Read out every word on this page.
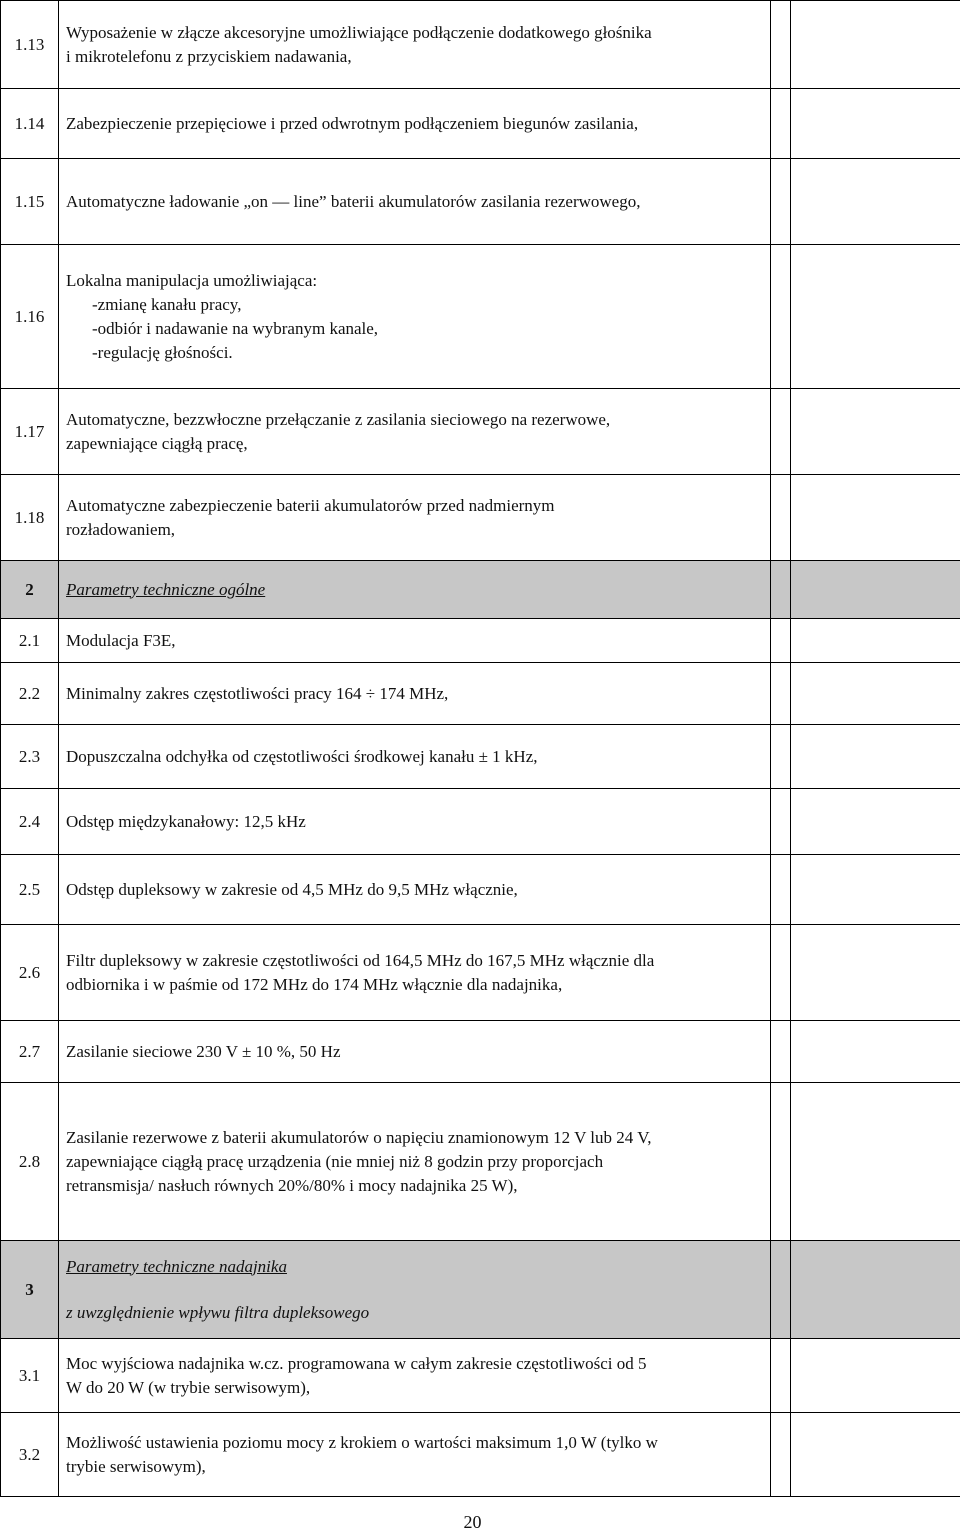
1.13	Wyposażenie w złącze akcesoryjne umożliwiające podłączenie dodatkowego głośnika
i mikrotelefonu z przyciskiem nadawania,		

1.14	Zabezpieczenie przepięciowe i przed odwrotnym podłączeniem biegunów zasilania,		

1.15	Automatyczne ładowanie „on — line” baterii akumulatorów zasilania rezerwowego,		

1.16	Lokalna manipulacja umożliwiająca:
-zmianę kanału pracy,
-odbiór i nadawanie na wybranym kanale,
-regulację głośności.		

1.17	Automatyczne, bezzwłoczne przełączanie z zasilania sieciowego na rezerwowe,
zapewniające ciągłą pracę,		

1.18	Automatyczne zabezpieczenie baterii akumulatorów przed nadmiernym
rozładowaniem,		

2	Parametry techniczne ogólne		
2.1	Modulacja F3E,		

2.2	Minimalny zakres częstotliwości pracy 164 ÷ 174 MHz,		

2.3	Dopuszczalna odchyłka od częstotliwości środkowej kanału ± 1 kHz,		

2.4	Odstęp międzykanałowy: 12,5 kHz		

2.5	Odstęp dupleksowy w zakresie od 4,5 MHz do 9,5 MHz włącznie,		

2.6	Filtr dupleksowy w zakresie częstotliwości od 164,5 MHz do 167,5 MHz włącznie dla
odbiornika i w paśmie od 172 MHz do 174 MHz włącznie dla nadajnika,		

2.7	Zasilanie sieciowe 230 V ± 10 %, 50 Hz		

2.8	Zasilanie rezerwowe z baterii akumulatorów o napięciu znamionowym 12 V lub 24 V,
zapewniające ciągłą pracę urządzenia (nie mniej niż 8 godzin przy proporcjach
retransmisja/ nasłuch równych 20%/80% i mocy nadajnika 25 W),		

3	Parametry techniczne nadajnika
z uwzględnienie wpływu filtra dupleksowego		

3.1	Moc wyjściowa nadajnika w.cz. programowana w całym zakresie częstotliwości od 5
W do 20 W (w trybie serwisowym),		

3.2	Możliwość ustawienia poziomu mocy z krokiem o wartości maksimum 1,0 W (tylko w
trybie serwisowym),		

20
